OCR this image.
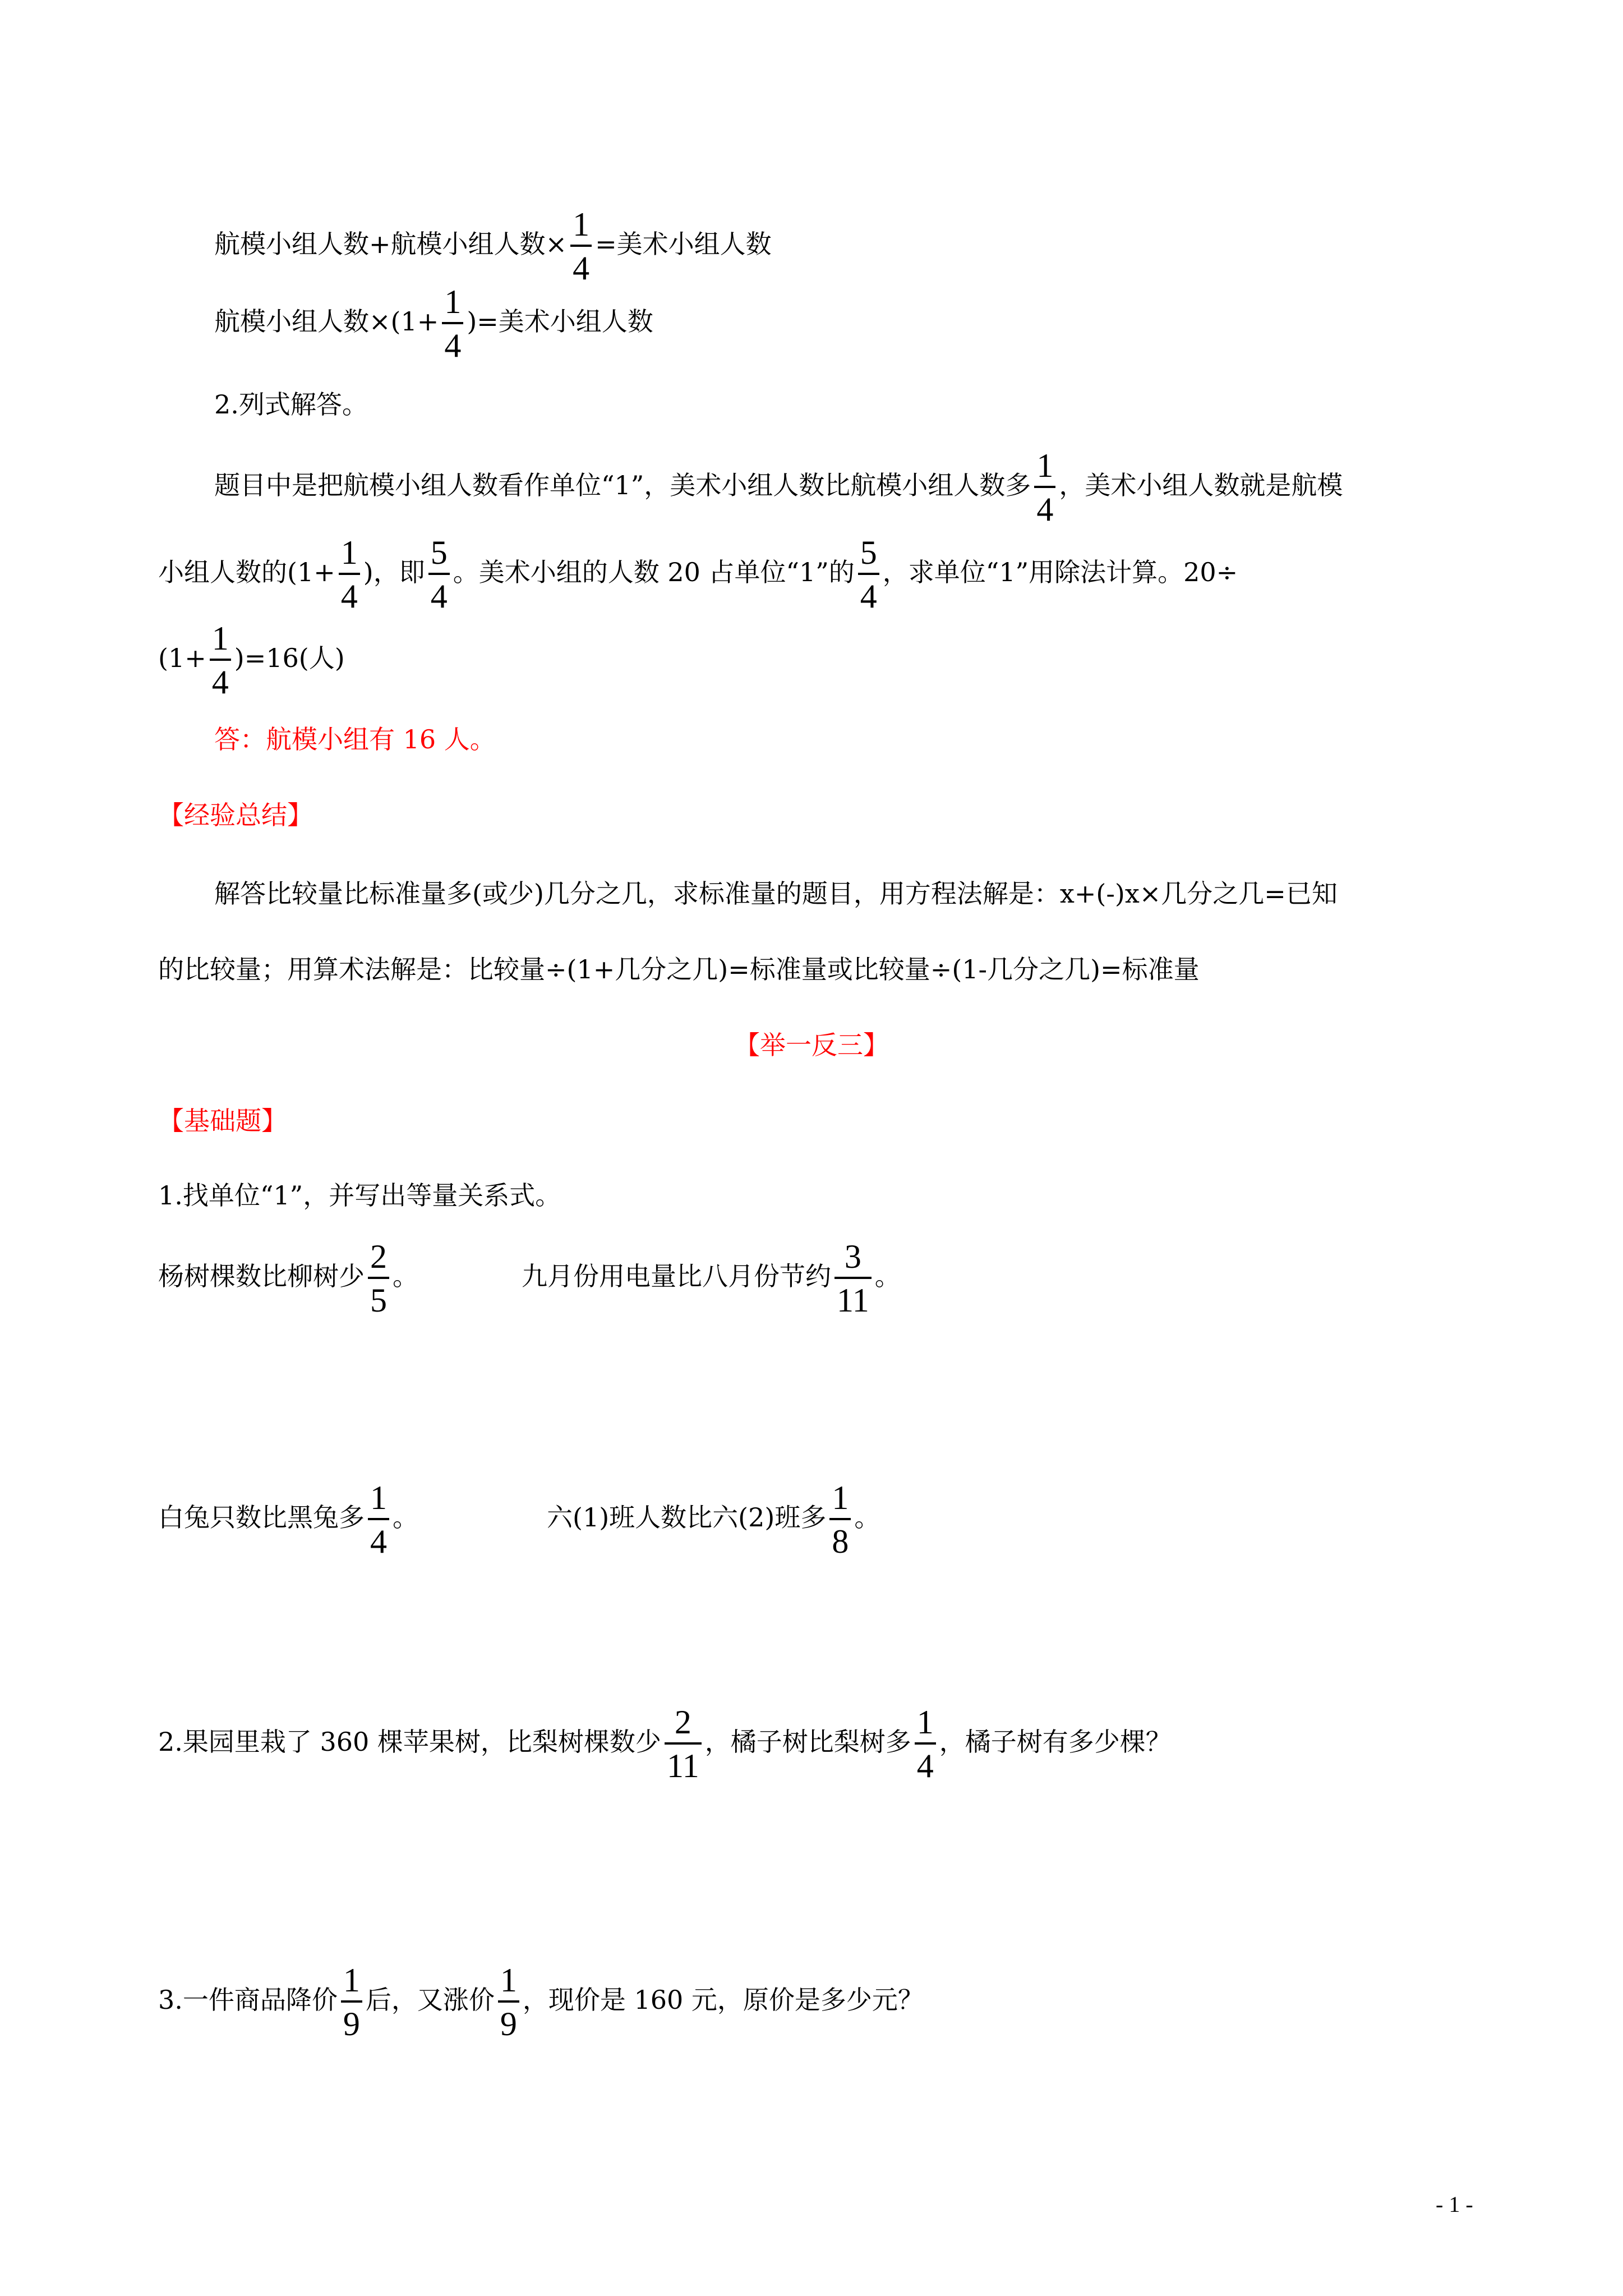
航模小组人数+航模小组人数× $\frac{1}{4}$ =美术小组人数
航模小组人数$\times(1+ \frac{1}{4}$ )=美术小组人数
2.列式解答。
题目中是把航模小组人数看作单位“1”，美术小组人数比航模小组人数多 $\frac{1}{4}$ ，美术小组人数就是航模
小组人数的($1+ \frac{1}{4}$ )，即 $\frac{5}{4}$ 。美术小组的人数 20 占单位“1”的 $\frac{5}{4}$ ，求单位“1”用除法计算。20÷
$(1+ \frac{1}{4} )=16$(人)
答：航模小组有 16 人。
【经验总结】
解答比较量比标准量多(或少)几分之几，求标准量的题目，用方程法解是：x+(-)x×几分之几=已知
的比较量；用算术法解是：比较量÷(1+几分之几)=标准量或比较量÷(1-几分之几)=标准量
【举一反三】
【基础题】
1.找单位“1”，并写出等量关系式。
杨树棵数比柳树少 $\frac{2}{5}$ 。	九月份用电量比八月份节约 $\frac{3}{11}$ 。
白兔只数比黑兔多 $\frac{1}{4}$ 。	六(1)班人数比六(2)班多 $\frac{1}{8}$ 。
2.果园里栽了 360 棵苹果树，比梨树棵数少 $\frac{2}{11}$ ，橘子树比梨树多 $\frac{1}{4}$ ，橘子树有多少棵？
3.一件商品降价 $\frac{1}{9}$ 后，又涨价 $\frac{1}{9}$ ，现价是 160 元，原价是多少元？
- 1 -
